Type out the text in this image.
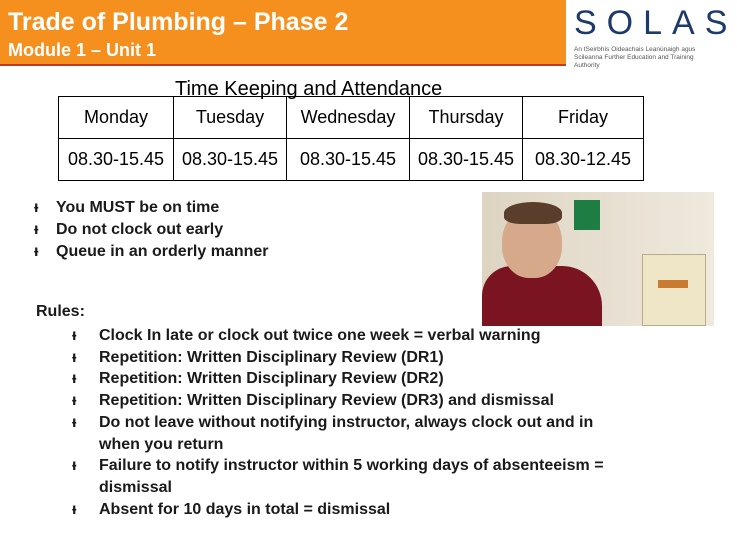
Trade of Plumbing – Phase 2
Module 1 – Unit 1
SOLAS
An tSeirbhís Oideachais Leanúnaigh agus Scileanna Further Education and Training Authority
Time Keeping and Attendance
Monday	Tuesday	Wednesday	Thursday	Friday
08.30-15.45	08.30-15.45	08.30-15.45	08.30-15.45	08.30-12.45
ᵼ You MUST be on time
ᵼ Do not clock out early
ᵼ Queue in an orderly manner
Rules:
ᵼ Clock In late or clock out twice one week = verbal warning
ᵼ Repetition: Written Disciplinary Review (DR1)
ᵼ Repetition: Written Disciplinary Review (DR2)
ᵼ Repetition: Written Disciplinary Review (DR3) and dismissal
ᵼ Do not leave without notifying instructor, always clock out and in
when you return
ᵼ Failure to notify instructor within 5 working days of absenteeism =
dismissal
ᵼ Absent for 10 days in total = dismissal
